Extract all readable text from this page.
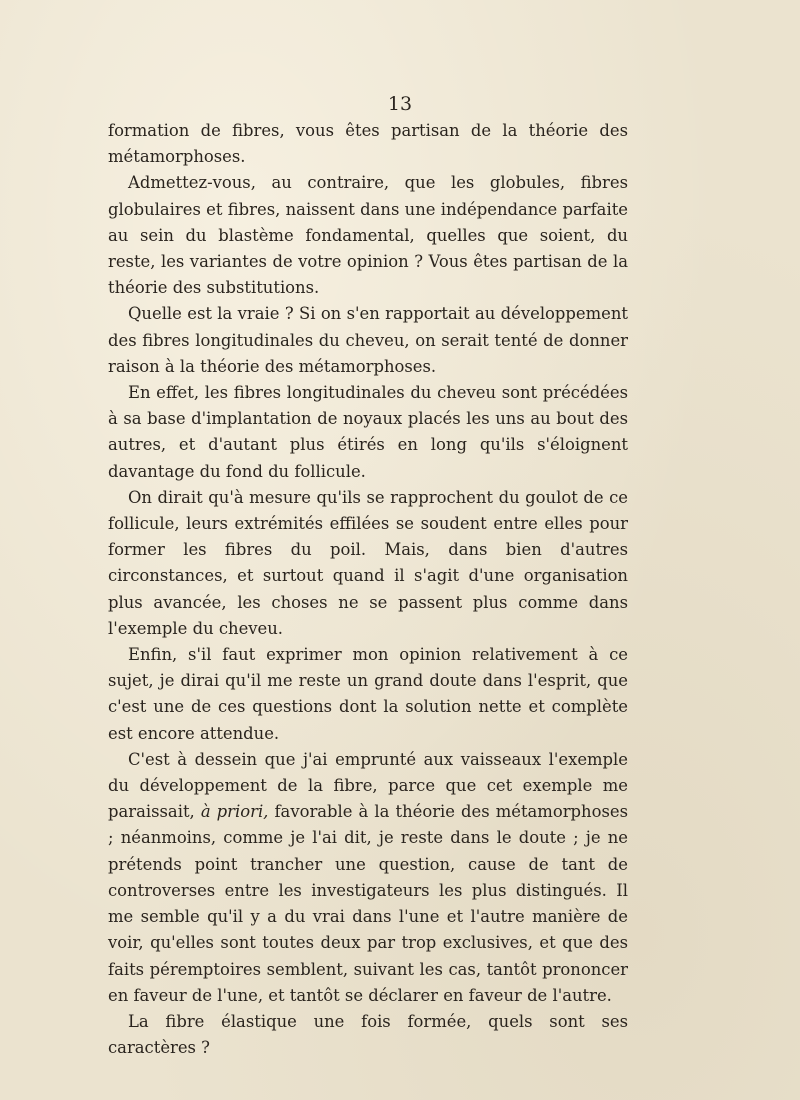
13

formation de fibres, vous êtes partisan de la théorie des métamorphoses.

Admettez-vous, au contraire, que les globules, fibres globulaires et fibres, naissent dans une indépendance parfaite au sein du blastème fondamental, quelles que soient, du reste, les variantes de votre opinion ? Vous êtes partisan de la théorie des substitutions.

Quelle est la vraie ? Si on s'en rapportait au développement des fibres longitudinales du cheveu, on serait tenté de donner raison à la théorie des métamorphoses.

En effet, les fibres longitudinales du cheveu sont précédées à sa base d'implantation de noyaux placés les uns au bout des autres, et d'autant plus étirés en long qu'ils s'éloignent davantage du fond du follicule.

On dirait qu'à mesure qu'ils se rapprochent du goulot de ce follicule, leurs extrémités effilées se soudent entre elles pour former les fibres du poil. Mais, dans bien d'autres circonstances, et surtout quand il s'agit d'une organisation plus avancée, les choses ne se passent plus comme dans l'exemple du cheveu.

Enfin, s'il faut exprimer mon opinion relativement à ce sujet, je dirai qu'il me reste un grand doute dans l'esprit, que c'est une de ces questions dont la solution nette et complète est encore attendue.

C'est à dessein que j'ai emprunté aux vaisseaux l'exemple du développement de la fibre, parce que cet exemple me paraissait, à priori, favorable à la théorie des métamorphoses ; néanmoins, comme je l'ai dit, je reste dans le doute ; je ne prétends point trancher une question, cause de tant de controverses entre les investigateurs les plus distingués. Il me semble qu'il y a du vrai dans l'une et l'autre manière de voir, qu'elles sont toutes deux par trop exclusives, et que des faits péremptoires semblent, suivant les cas, tantôt prononcer en faveur de l'une, et tantôt se déclarer en faveur de l'autre.

La fibre élastique une fois formée, quels sont ses caractères ?
